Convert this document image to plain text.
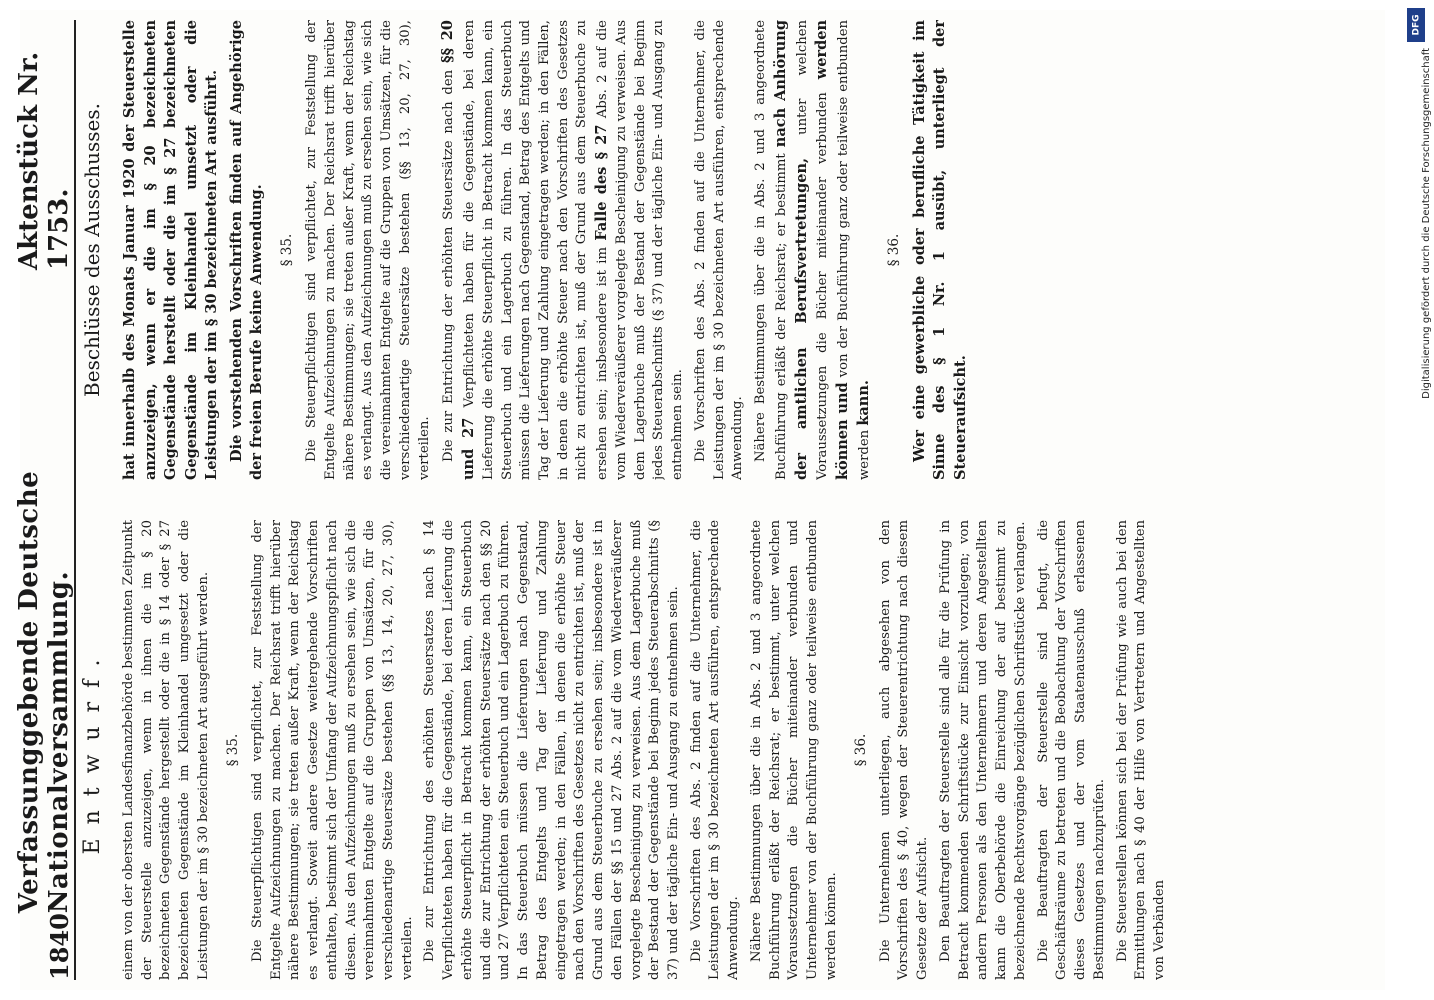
1840
Verfassunggebende Deutsche Nationalversammlung.
Aktenstück Nr. 1753.
Entwurf.
Beschlüsse des Ausschusses.

einem von der obersten Landesfinanzbehörde bestimmten Zeitpunkt der Steuerstelle anzuzeigen, wenn in ihnen die im § 20 bezeichneten Gegenstände hergestellt oder die in § 14 oder § 27 bezeichneten Gegenstände im Kleinhandel umgesetzt oder die Leistungen der im § 30 bezeichneten Art ausgeführt werden. § 35. Die Steuerpflichtigen sind verpflichtet, zur Feststellung der Entgelte Aufzeichnungen zu machen. Der Reichsrat trifft hierüber nähere Bestimmungen; sie treten außer Kraft, wenn der Reichstag es verlangt. Soweit andere Gesetze weitergehende Vorschriften enthalten, bestimmt sich der Umfang der Aufzeichnungspflicht nach diesen. Aus den Aufzeichnungen muß zu ersehen sein, wie sich die vereinnahmten Entgelte auf die Gruppen von Umsätzen, für die verschiedenartige Steuersätze bestehen (§§ 13, 14, 20, 27, 30), verteilen. Die zur Entrichtung des erhöhten Steuersatzes nach § 14 Verpflichteten haben für die Gegenstände, bei deren Lieferung die erhöhte Steuerpflicht in Betracht kommen kann, ein Steuerbuch und die zur Entrichtung der erhöhten Steuersätze nach den §§ 20 und 27 Verpflichteten ein Steuerbuch und ein Lagerbuch zu führen. In das Steuerbuch müssen die Lieferungen nach Gegenstand, Betrag des Entgelts und Tag der Lieferung und Zahlung eingetragen werden; in den Fällen, in denen die erhöhte Steuer nach den Vorschriften des Gesetzes nicht zu entrichten ist, muß der Grund aus dem Steuerbuche zu ersehen sein; insbesondere ist in den Fällen der §§ 15 und 27 Abs. 2 auf die vom Wiederveräußerer vorgelegte Bescheinigung zu verweisen. Aus dem Lagerbuche muß der Bestand der Gegenstände bei Beginn jedes Steuerabschnitts (§ 37) und der tägliche Ein- und Ausgang zu entnehmen sein. Die Vorschriften des Abs. 2 finden auf die Unternehmer, die Leistungen der im § 30 bezeichneten Art ausführen, entsprechende Anwendung. Nähere Bestimmungen über die in Abs. 2 und 3 angeordnete Buchführung erläßt der Reichsrat; er bestimmt, unter welchen Voraussetzungen die Bücher miteinander verbunden und Unternehmer von der Buchführung ganz oder teilweise entbunden werden können.

§ 36. Die Unternehmen unterliegen, auch abgesehen von den Vorschriften des § 40, wegen der Steuerentrichtung nach diesem Gesetze der Aufsicht. Den Beauftragten der Steuerstelle sind alle für die Prüfung in Betracht kommenden Schriftstücke zur Einsicht vorzulegen; von andern Personen als den Unternehmern und deren Angestellten kann die Oberbehörde die Einreichung der auf bestimmt zu bezeichnende Rechtsvorgänge bezüglichen Schriftstücke verlangen. Die Beauftragten der Steuerstelle sind befugt, die Geschäftsräume zu betreten und die Beobachtung der Vorschriften dieses Gesetzes und der vom Staatenausschuß erlassenen Bestimmungen nachzuprüfen. Die Steuerstellen können sich bei der Prüfung wie auch bei den Ermittlungen nach § 40 der Hilfe von Vertretern und Angestellten von Verbänden

hat innerhalb des Monats Januar 1920 der Steuerstelle anzuzeigen, wenn er die im § 20 bezeichneten Gegenstände herstellt oder die im § 27 bezeichneten Gegenstände im Kleinhandel umsetzt oder die Leistungen der im § 30 bezeichneten Art ausführt. Die vorstehenden Vorschriften finden auf Angehörige der freien Berufe keine Anwendung. § 35. Die Steuerpflichtigen sind verpflichtet, zur Feststellung der Entgelte Aufzeichnungen zu machen. Der Reichsrat trifft hierüber nähere Bestimmungen; sie treten außer Kraft, wenn der Reichstag es verlangt. Aus den Aufzeichnungen muß zu ersehen sein, wie sich die vereinnahmten Entgelte auf die Gruppen von Umsätzen, für die verschiedenartige Steuersätze bestehen (§§ 13, 20, 27, 30), verteilen. Die zur Entrichtung der erhöhten Steuersätze nach den §§ 20 und 27 Verpflichteten haben für die Gegenstände, bei deren Lieferung die erhöhte Steuerpflicht in Betracht kommen kann, ein Steuerbuch und ein Lagerbuch zu führen. In das Steuerbuch müssen die Lieferungen nach Gegenstand, Betrag des Entgelts und Tag der Lieferung und Zahlung eingetragen werden; in den Fällen, in denen die erhöhte Steuer nach den Vorschriften des Gesetzes nicht zu entrichten ist, muß der Grund aus dem Steuerbuche zu ersehen sein; insbesondere ist im Falle des § 27 Abs. 2 auf die vom Wiederveräußerer vorgelegte Bescheinigung zu verweisen. Aus dem Lagerbuche muß der Bestand der Gegenstände bei Beginn jedes Steuerabschnitts (§ 37) und der tägliche Ein- und Ausgang zu entnehmen sein. Die Vorschriften des Abs. 2 finden auf die Unternehmer, die Leistungen der im § 30 bezeichneten Art ausführen, entsprechende Anwendung. Nähere Bestimmungen über die in Abs. 2 und 3 angeordnete Buchführung erläßt der Reichsrat; er bestimmt nach Anhörung der amtlichen Berufsvertretungen, unter welchen Voraussetzungen die Bücher miteinander verbunden werden können und von der Buchführung ganz oder teilweise entbunden werden kann.

§ 36. Wer eine gewerbliche oder berufliche Tätigkeit im Sinne des § 1 Nr. 1 ausübt, unterliegt der Steueraufsicht.

DFG
Digitalisierung gefördert durch die Deutsche Forschungsgemeinschaft
